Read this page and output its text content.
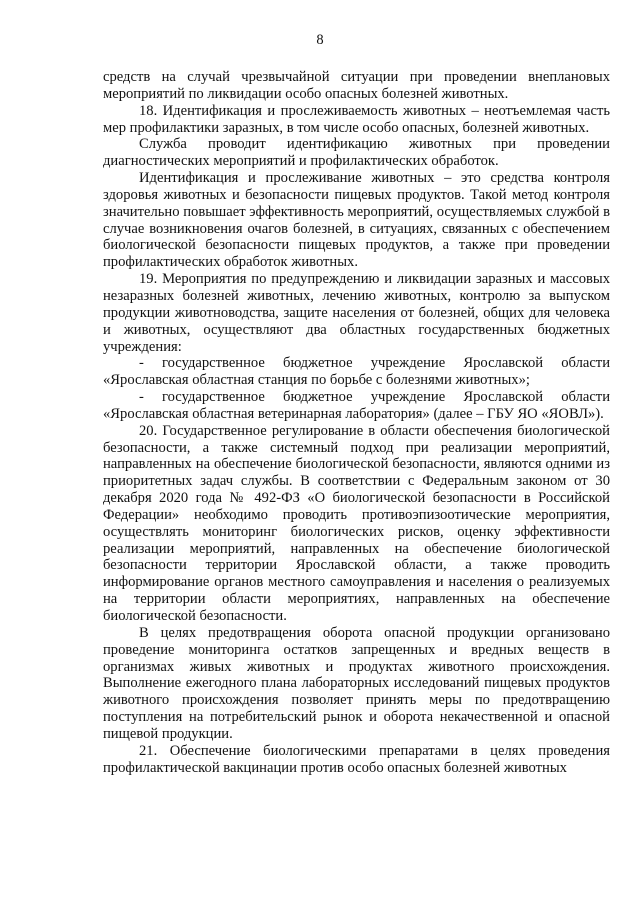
8

средств на случай чрезвычайной ситуации при проведении внеплановых мероприятий по ликвидации особо опасных болезней животных.

18. Идентификация и прослеживаемость животных – неотъемлемая часть мер профилактики заразных, в том числе особо опасных, болезней животных.

Служба проводит идентификацию животных при проведении диагностических мероприятий и профилактических обработок.

Идентификация и прослеживание животных – это средства контроля здоровья животных и безопасности пищевых продуктов. Такой метод контроля значительно повышает эффективность мероприятий, осуществляемых службой в случае возникновения очагов болезней, в ситуациях, связанных с обеспечением биологической безопасности пищевых продуктов, а также при проведении профилактических обработок животных.

19. Мероприятия по предупреждению и ликвидации заразных и массовых незаразных болезней животных, лечению животных, контролю за выпуском продукции животноводства, защите населения от болезней, общих для человека и животных, осуществляют два областных государственных бюджетных учреждения:

- государственное бюджетное учреждение Ярославской области «Ярославская областная станция по борьбе с болезнями животных»;

- государственное бюджетное учреждение Ярославской области «Ярославская областная ветеринарная лаборатория» (далее – ГБУ ЯО «ЯОВЛ»).

20. Государственное регулирование в области обеспечения биологической безопасности, а также системный подход при реализации мероприятий, направленных на обеспечение биологической безопасности, являются одними из приоритетных задач службы. В соответствии с Федеральным законом от 30 декабря 2020 года № 492-ФЗ «О биологической безопасности в Российской Федерации» необходимо проводить противоэпизоотические мероприятия, осуществлять мониторинг биологических рисков, оценку эффективности реализации мероприятий, направленных на обеспечение биологической безопасности территории Ярославской области, а также проводить информирование органов местного самоуправления и населения о реализуемых на территории области мероприятиях, направленных на обеспечение биологической безопасности.

В целях предотвращения оборота опасной продукции организовано проведение мониторинга остатков запрещенных и вредных веществ в организмах живых животных и продуктах животного происхождения. Выполнение ежегодного плана лабораторных исследований пищевых продуктов животного происхождения позволяет принять меры по предотвращению поступления на потребительский рынок и оборота некачественной и опасной пищевой продукции.

21. Обеспечение биологическими препаратами в целях проведения профилактической вакцинации против особо опасных болезней животных
